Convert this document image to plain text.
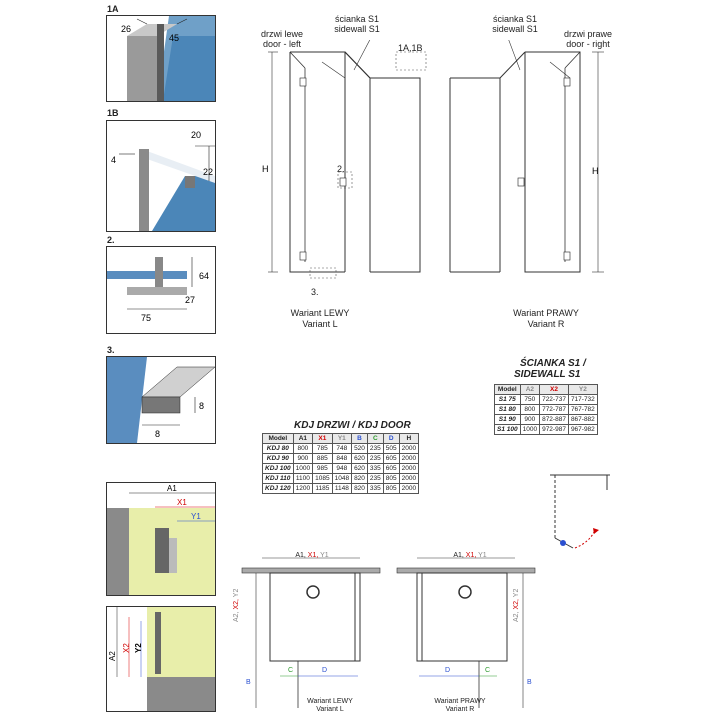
1A
26
45
1B
20
4
22
2.
64
27
75
3.
8
8
A1
X1
Y1
A2
X2 Y2
H
ścianka S1
sidewall S1
drzwi lewe
door - left	1A,1B
2.
3.
Wariant LEWY
Variant L
H
ścianka S1
sidewall S1	drzwi prawe
door - right
Wariant PRAWY
Variant R
ŚCIANKA S1 /
SIDEWALL S1
Model	A2	X2	Y2
S1 75	750	722-737	717-732
S1 80	800	772-787	767-782
S1 90	900	872-887	867-882
S1 100	1000	972-987	967-982
KDJ DRZWI / KDJ DOOR
Model	A1	X1	Y1	B	C	D	H
KDJ 80	800	785	748	520	235	505	2000
KDJ 90	900	885	848	620	235	605	2000
KDJ 100	1000	985	948	620	335	605	2000
KDJ 110	1100	1085	1048	820	235	805	2000
KDJ 120	1200	1185	1148	820	335	805	2000
C	D
B
A1, X1, Y1
A2, X2, Y2
Wariant LEWY
Variant L
D	C
B
A1, X1, Y1
A2, X2, Y2
Wariant PRAWY
Variant R
